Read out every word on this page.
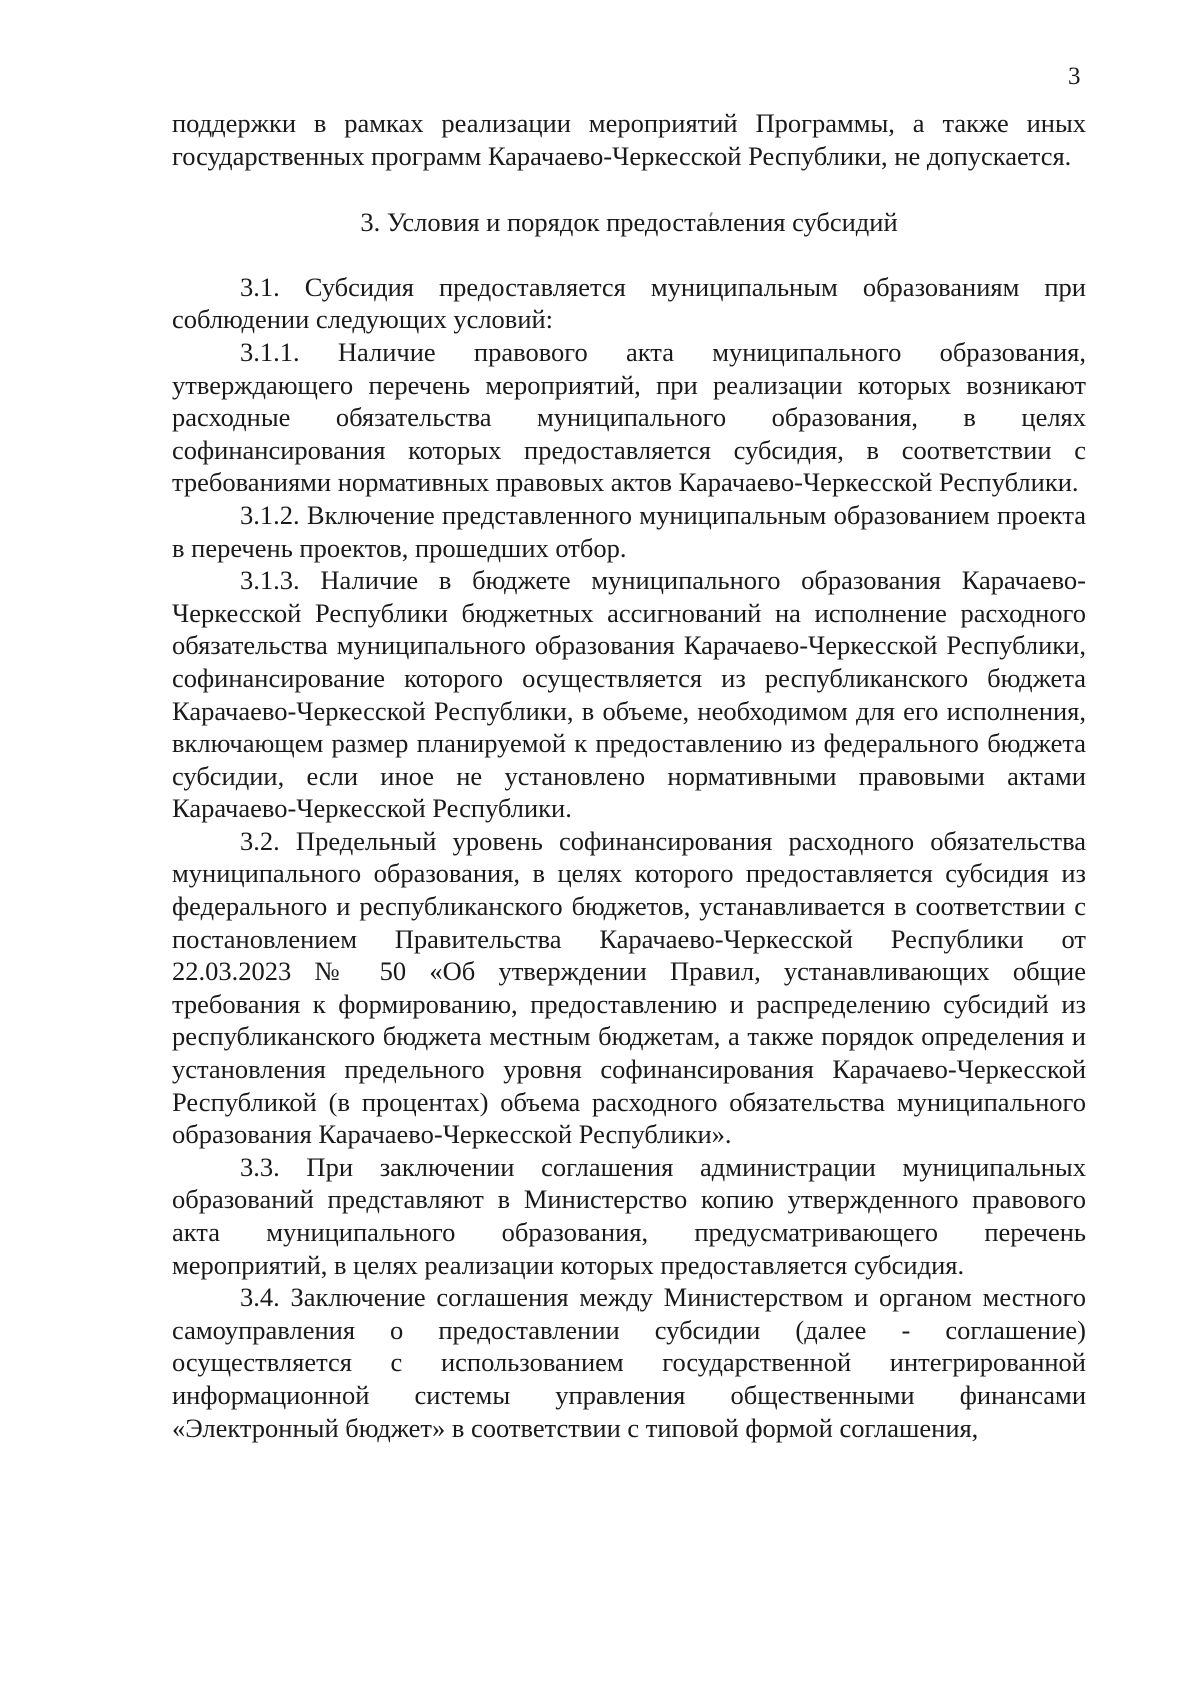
3

поддержки в рамках реализации мероприятий Программы, а также иных государственных программ Карачаево-Черкесской Республики, не допускается.

3. Условия и порядок предоставления субсидий

3.1. Субсидия предоставляется муниципальным образованиям при соблюдении следующих условий:

3.1.1. Наличие правового акта муниципального образования, утверждающего перечень мероприятий, при реализации которых возникают расходные обязательства муниципального образования, в целях софинансирования которых предоставляется субсидия, в соответствии с требованиями нормативных правовых актов Карачаево-Черкесской Республики.

3.1.2. Включение представленного муниципальным образованием проекта в перечень проектов, прошедших отбор.

3.1.3. Наличие в бюджете муниципального образования Карачаево-Черкесской Республики бюджетных ассигнований на исполнение расходного обязательства муниципального образования Карачаево-Черкесской Республики, софинансирование которого осуществляется из республиканского бюджета Карачаево-Черкесской Республики, в объеме, необходимом для его исполнения, включающем размер планируемой к предоставлению из федерального бюджета субсидии, если иное не установлено нормативными правовыми актами Карачаево-Черкесской Республики.

3.2. Предельный уровень софинансирования расходного обязательства муниципального образования, в целях которого предоставляется субсидия из федерального и республиканского бюджетов, устанавливается в соответствии с постановлением Правительства Карачаево-Черкесской Республики от 22.03.2023 № 50 «Об утверждении Правил, устанавливающих общие требования к формированию, предоставлению и распределению субсидий из республиканского бюджета местным бюджетам, а также порядок определения и установления предельного уровня софинансирования Карачаево-Черкесской Республикой (в процентах) объема расходного обязательства муниципального образования Карачаево-Черкесской Республики».

3.3. При заключении соглашения администрации муниципальных образований представляют в Министерство копию утвержденного правового акта муниципального образования, предусматривающего перечень мероприятий, в целях реализации которых предоставляется субсидия.

3.4. Заключение соглашения между Министерством и органом местного самоуправления о предоставлении субсидии (далее - соглашение) осуществляется с использованием государственной интегрированной информационной системы управления общественными финансами «Электронный бюджет» в соответствии с типовой формой соглашения,
